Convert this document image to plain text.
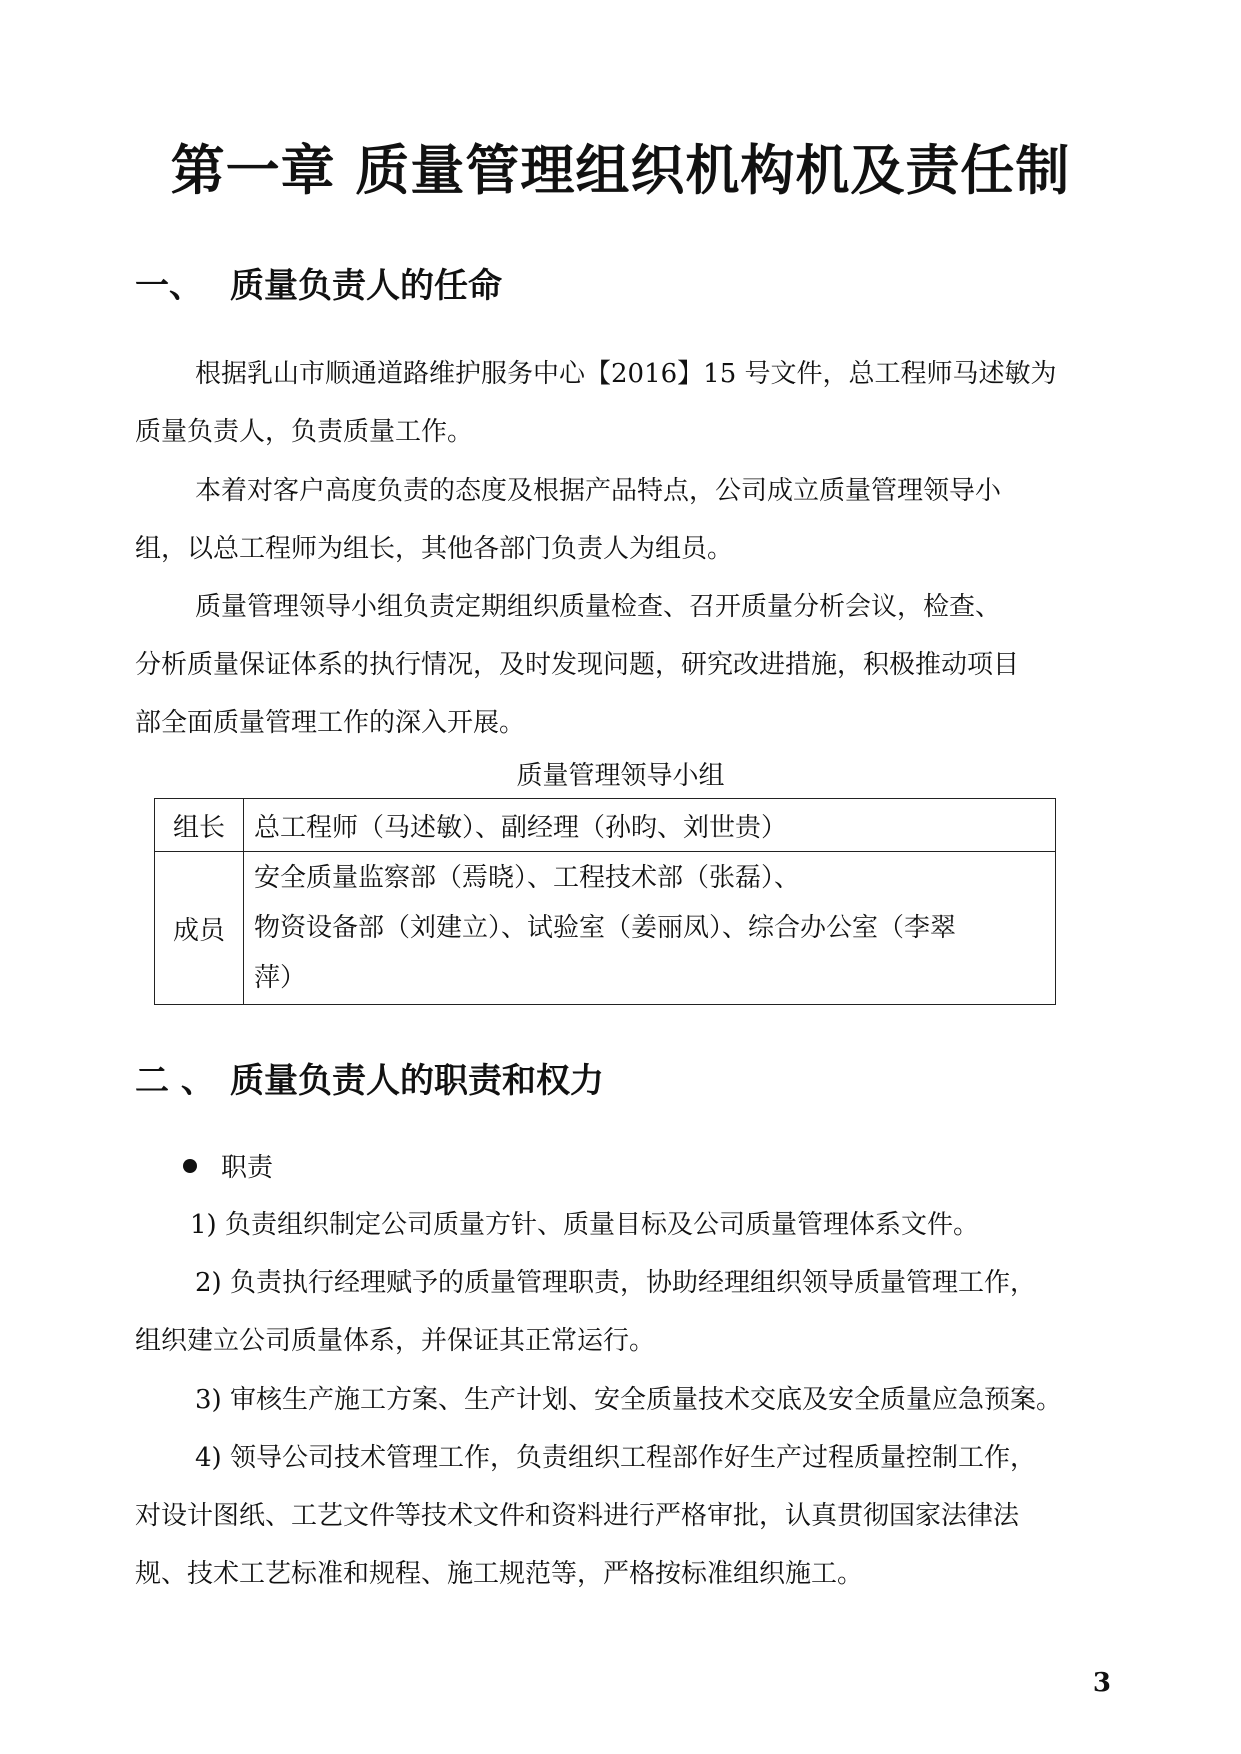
第一章 质量管理组织机构机及责任制
一、 质量负责人的任命
根据乳山市顺通道路维护服务中心【2016】15 号文件，总工程师马述敏为
质量负责人，负责质量工作。
本着对客户高度负责的态度及根据产品特点，公司成立质量管理领导小
组，以总工程师为组长，其他各部门负责人为组员。
质量管理领导小组负责定期组织质量检查、召开质量分析会议，检查、
分析质量保证体系的执行情况，及时发现问题，研究改进措施，积极推动项目
部全面质量管理工作的深入开展。

质量管理领导小组

组长	总工程师（马述敏）、副经理（孙昀、刘世贵）
成员	安全质量监察部（焉晓）、工程技术部（张磊）、
物资设备部（刘建立）、试验室（姜丽凤）、综合办公室（李翠
萍）
二 、 质量负责人的职责和权力

职责

1) 负责组织制定公司质量方针、质量目标及公司质量管理体系文件。
2) 负责执行经理赋予的质量管理职责，协助经理组织领导质量管理工作，
组织建立公司质量体系，并保证其正常运行。
3) 审核生产施工方案、生产计划、安全质量技术交底及安全质量应急预案。
4) 领导公司技术管理工作，负责组织工程部作好生产过程质量控制工作，
对设计图纸、工艺文件等技术文件和资料进行严格审批，认真贯彻国家法律法
规、技术工艺标准和规程、施工规范等，严格按标准组织施工。

3
